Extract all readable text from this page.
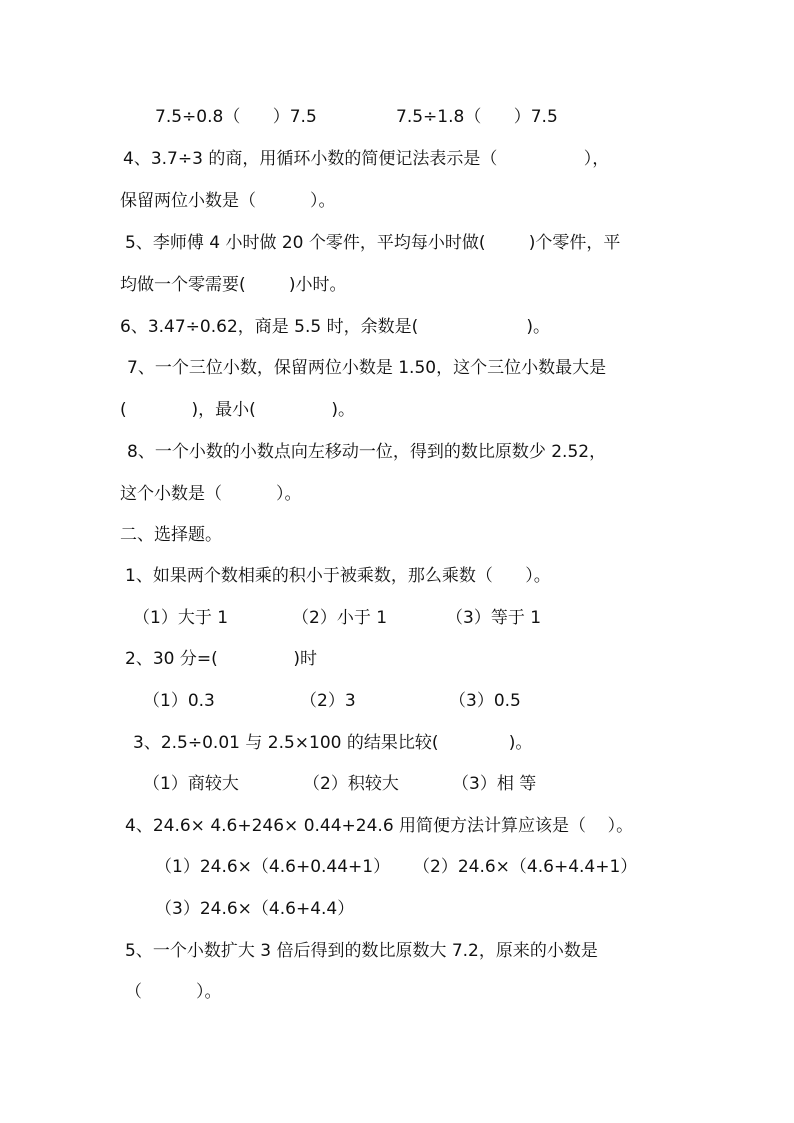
7.5÷0.8（      ）7.5	7.5÷1.8（      ）7.5
4、3.7÷3 的商，用循环小数的简便记法表示是（                ），
保留两位小数是（          ）。
5、李师傅 4 小时做 20 个零件，平均每小时做(        )个零件，平
均做一个零需要(        )小时。
6、3.47÷0.62，商是 5.5 时，余数是(                    )。
7、一个三位小数，保留两位小数是 1.50，这个三位小数最大是
(            )，最小(              )。
8、一个小数的小数点向左移动一位，得到的数比原数少 2.52，
这个小数是（          ）。
二、选择题。
1、如果两个数相乘的积小于被乘数，那么乘数（      ）。
（1）大于 1	（2）小于 1	（3）等于 1
2、30 分=(              )时
（1）0.3	（2）3	（3）0.5
3、2.5÷0.01 与 2.5×100 的结果比较(             )。
（1）商较大	（2）积较大	（3）相 等
4、24.6× 4.6+246× 0.44+24.6 用简便方法计算应该是（    ）。
（1）24.6×（4.6+0.44+1） （2）24.6×（4.6+4.4+1）
（3）24.6×（4.6+4.4）
5、一个小数扩大 3 倍后得到的数比原数大 7.2，原来的小数是
（          ）。
